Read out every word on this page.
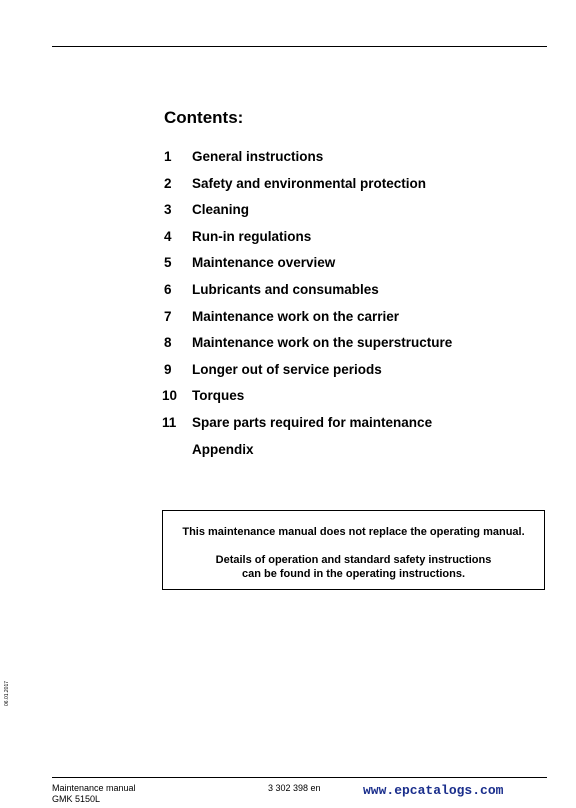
Contents:
1 General instructions
2 Safety and environmental protection
3 Cleaning
4 Run-in regulations
5 Maintenance overview
6 Lubricants and consumables
7 Maintenance work on the carrier
8 Maintenance work on the superstructure
9 Longer out of service periods
10 Torques
11 Spare parts required for maintenance
Appendix

This maintenance manual does not replace the operating manual.

Details of operation and standard safety instructions

can be found in the operating instructions.

06.01.2017
Maintenance manual
GMK 5150L
3 302 398 en	www.epcatalogs.com
